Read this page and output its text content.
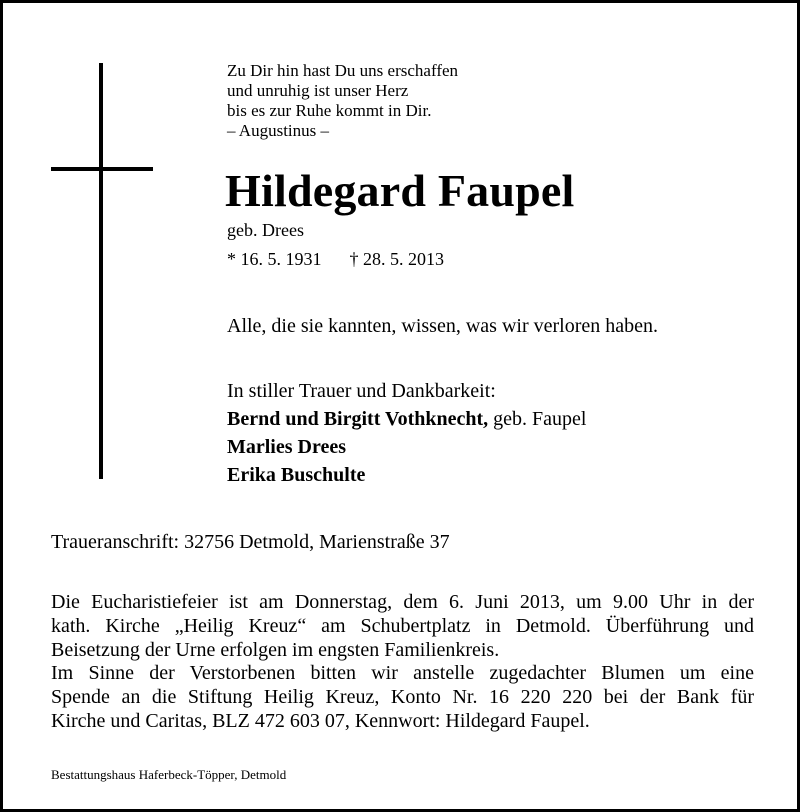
Zu Dir hin hast Du uns erschaffen
und unruhig ist unser Herz
bis es zur Ruhe kommt in Dir.
– Augustinus –
Hildegard Faupel
geb. Drees
* 16. 5. 1931 † 28. 5. 2013
Alle, die sie kannten, wissen, was wir verloren haben.
In stiller Trauer und Dankbarkeit:
Bernd und Birgitt Vothknecht, geb. Faupel
Marlies Drees
Erika Buschulte
Traueranschrift: 32756 Detmold, Marienstraße 37
Die Eucharistiefeier ist am Donnerstag, dem 6. Juni 2013, um 9.00 Uhr in der
kath. Kirche „Heilig Kreuz“ am Schubertplatz in Detmold. Überführung und
Beisetzung der Urne erfolgen im engsten Familienkreis.
Im Sinne der Verstorbenen bitten wir anstelle zugedachter Blumen um eine
Spende an die Stiftung Heilig Kreuz, Konto Nr. 16 220 220 bei der Bank für
Kirche und Caritas, BLZ 472 603 07, Kennwort: Hildegard Faupel.
Bestattungshaus Haferbeck-Töpper, Detmold
